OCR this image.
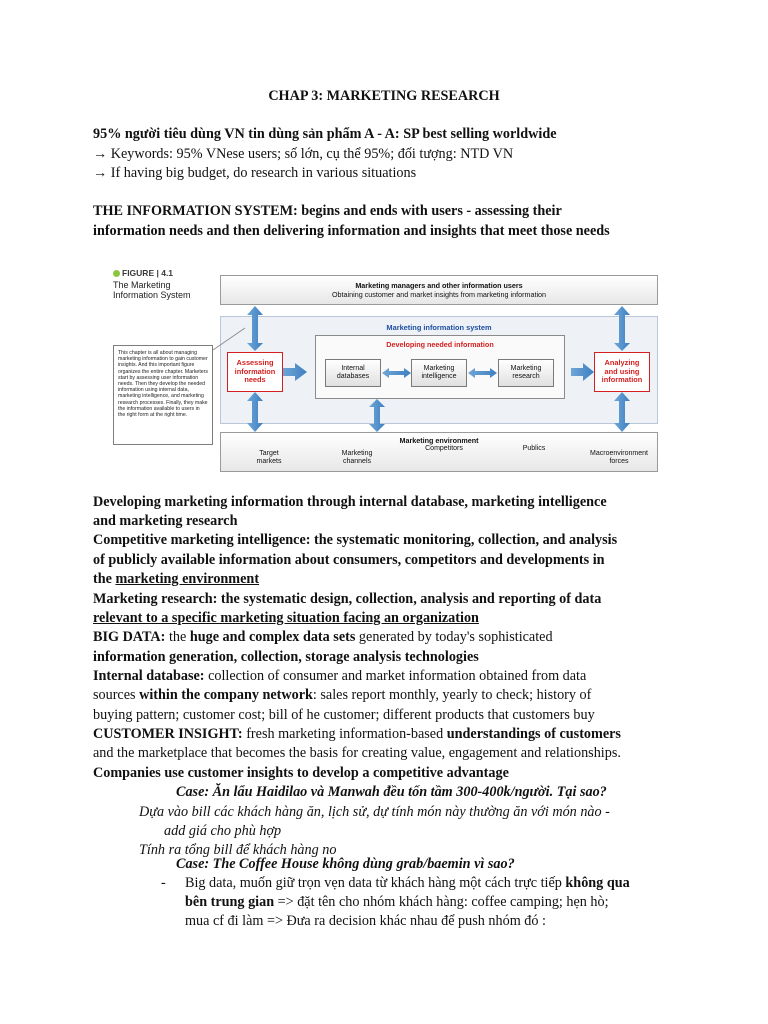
CHAP 3: MARKETING RESEARCH
95% người tiêu dùng VN tin dùng sản phẩm A - A: SP best selling worldwide
→ Keywords: 95% VNese users; số lớn, cụ thể 95%; đối tượng: NTD VN
→ If having big budget, do research in various situations
THE INFORMATION SYSTEM: begins and ends with users - assessing their
information needs and then delivering information and insights that meet those needs
FIGURE | 4.1
The Marketing
Information System
Marketing managers and other information users
Obtaining customer and market insights from marketing information
Marketing information system
Developing needed information
Assessing
information
needs
Analyzing
and using
information
Internal
databases
Marketing
intelligence
Marketing
research
This chapter is all about managing marketing information to gain customer insights. And this important figure organizes the entire chapter. Marketers start by assessing user information needs. Then they develop the needed information using internal data, marketing intelligence, and marketing research processes. Finally, they make the information available to users in the right form at the right time.
Marketing environment
Target
markets
Marketing
channels
Competitors	Publics
Macroenvironment
forces
Developing marketing information through internal database, marketing intelligence
and marketing research
Competitive marketing intelligence: the systematic monitoring, collection, and analysis
of publicly available information about consumers, competitors and developments in
the marketing environment
Marketing research: the systematic design, collection, analysis and reporting of data
relevant to a specific marketing situation facing an organization
BIG DATA: the huge and complex data sets generated by today's sophisticated
information generation, collection, storage analysis technologies
Internal database: collection of consumer and market information obtained from data
sources within the company network: sales report monthly, yearly to check; history of
buying pattern; customer cost; bill of he customer; different products that customers buy
CUSTOMER INSIGHT: fresh marketing information-based understandings of customers
and the marketplace that becomes the basis for creating value, engagement and relationships.
Companies use customer insights to develop a competitive advantage
Case: Ăn lẩu Haidilao và Manwah đều tốn tầm 300-400k/người. Tại sao?
Dựa vào bill các khách hàng ăn, lịch sử, dự tính món này thường ăn với món nào -
add giá cho phù hợp
Tính ra tổng bill để khách hàng no
Case: The Coffee House không dùng grab/baemin vì sao?
- Big data, muốn giữ trọn vẹn data từ khách hàng một cách trực tiếp không qua
bên trung gian => đặt tên cho nhóm khách hàng: coffee camping; hẹn hò;
mua cf đi làm => Đưa ra decision khác nhau để push nhóm đó :
